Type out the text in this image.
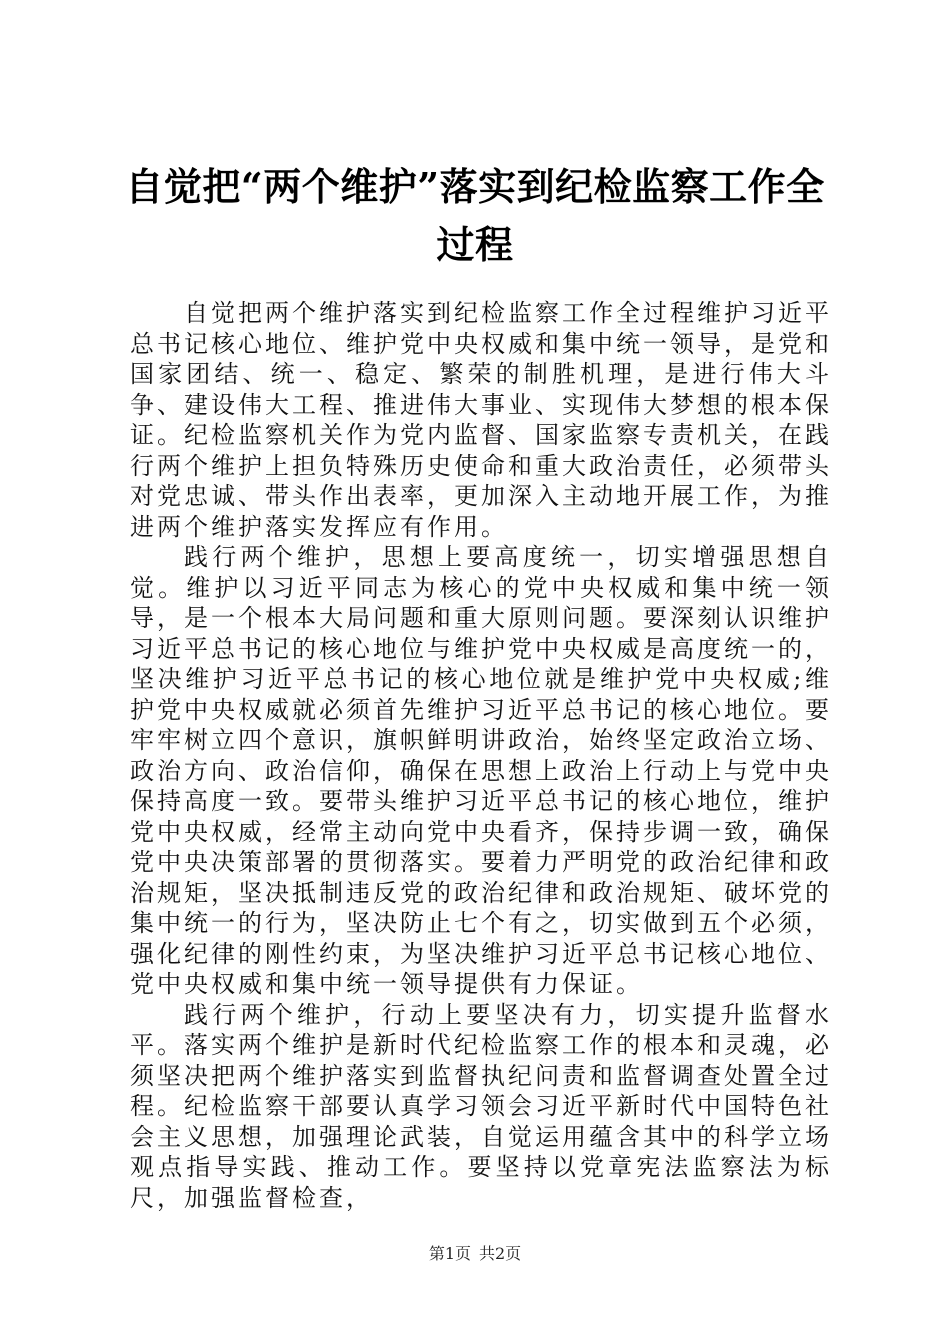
自觉把“两个维护”落实到纪检监察工作全过程

自觉把两个维护落实到纪检监察工作全过程维护习近平总书记核心地位、维护党中央权威和集中统一领导，是党和国家团结、统一、稳定、繁荣的制胜机理，是进行伟大斗争、建设伟大工程、推进伟大事业、实现伟大梦想的根本保证。纪检监察机关作为党内监督、国家监察专责机关，在践行两个维护上担负特殊历史使命和重大政治责任，必须带头对党忠诚、带头作出表率，更加深入主动地开展工作，为推进两个维护落实发挥应有作用。

践行两个维护，思想上要高度统一，切实增强思想自觉。维护以习近平同志为核心的党中央权威和集中统一领导，是一个根本大局问题和重大原则问题。要深刻认识维护习近平总书记的核心地位与维护党中央权威是高度统一的，坚决维护习近平总书记的核心地位就是维护党中央权威;维护党中央权威就必须首先维护习近平总书记的核心地位。要牢牢树立四个意识，旗帜鲜明讲政治，始终坚定政治立场、政治方向、政治信仰，确保在思想上政治上行动上与党中央保持高度一致。要带头维护习近平总书记的核心地位，维护党中央权威，经常主动向党中央看齐，保持步调一致，确保党中央决策部署的贯彻落实。要着力严明党的政治纪律和政治规矩，坚决抵制违反党的政治纪律和政治规矩、破坏党的集中统一的行为，坚决防止七个有之，切实做到五个必须，强化纪律的刚性约束，为坚决维护习近平总书记核心地位、党中央权威和集中统一领导提供有力保证。

践行两个维护，行动上要坚决有力，切实提升监督水平。落实两个维护是新时代纪检监察工作的根本和灵魂，必须坚决把两个维护落实到监督执纪问责和监督调查处置全过程。纪检监察干部要认真学习领会习近平新时代中国特色社会主义思想，加强理论武装，自觉运用蕴含其中的科学立场观点指导实践、推动工作。要坚持以党章宪法监察法为标尺，加强监督检查，

第1页 共2页
